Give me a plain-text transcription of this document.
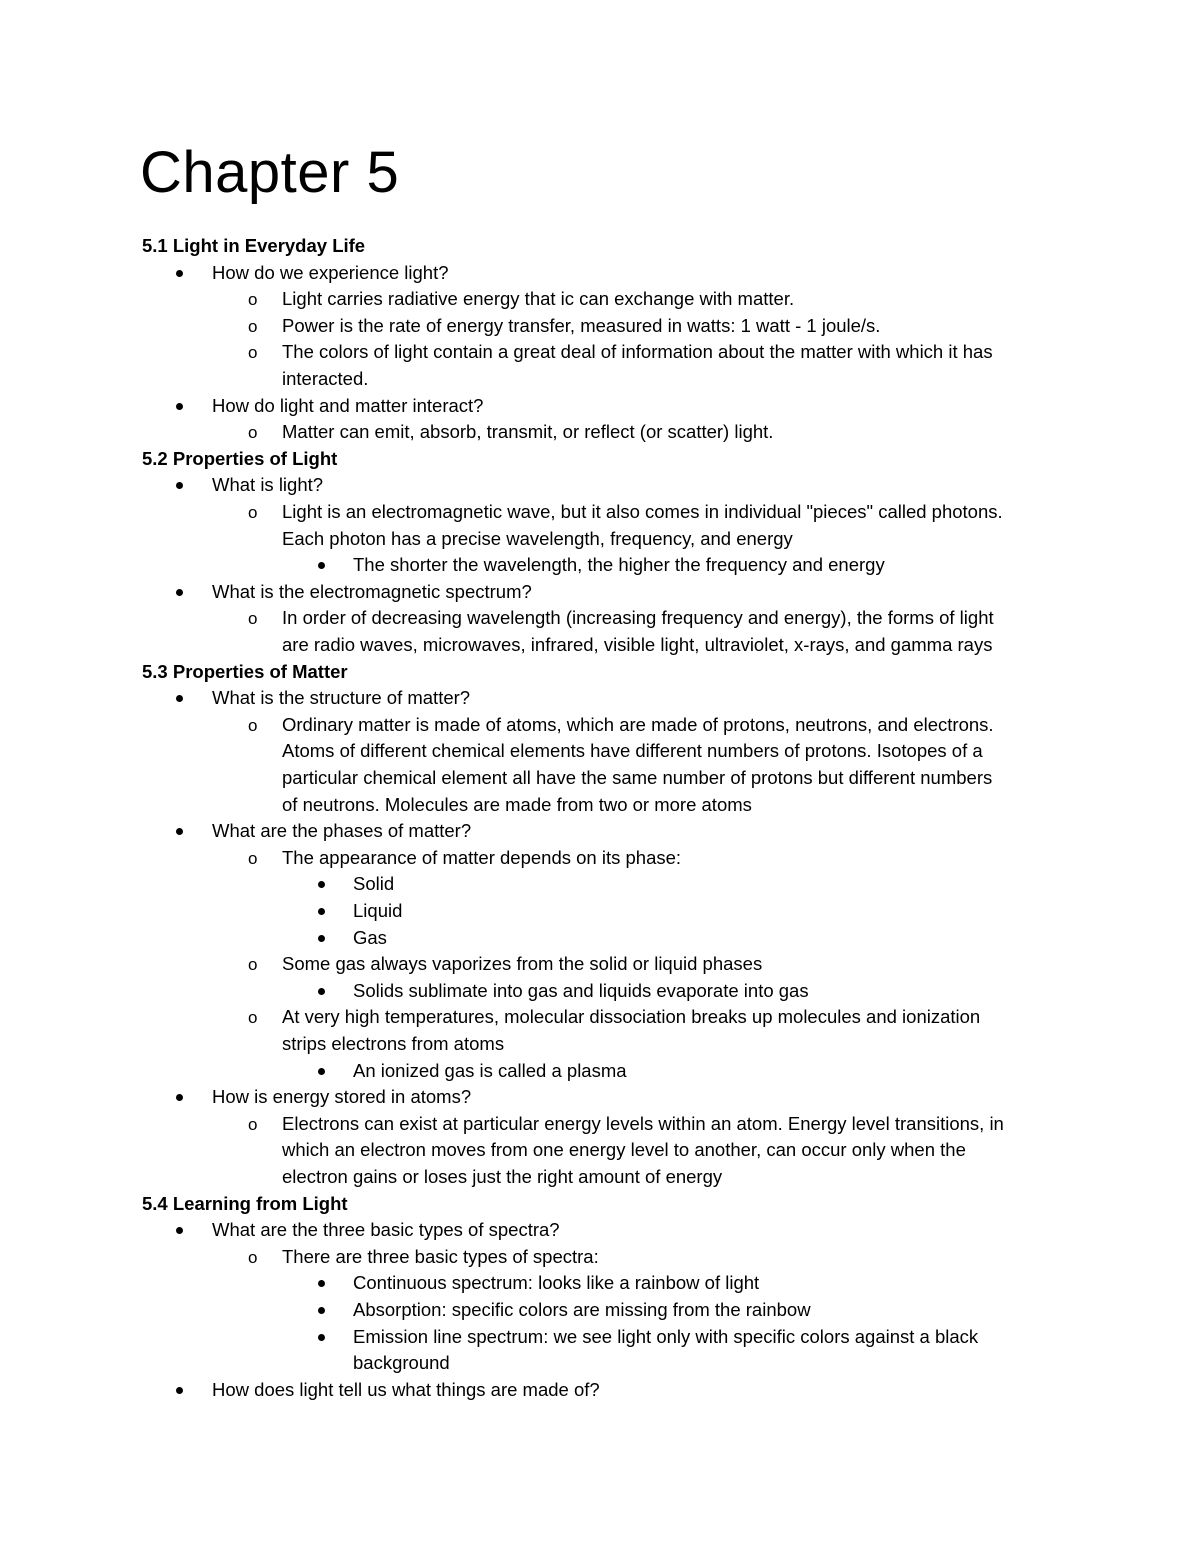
Chapter 5
5.1 Light in Everyday Life
How do we experience light?
Light carries radiative energy that ic can exchange with matter.
o
Power is the rate of energy transfer, measured in watts: 1 watt - 1 joule/s.
o
The colors of light contain a great deal of information about the matter with which it has
o
interacted.
How do light and matter interact?
Matter can emit, absorb, transmit, or reflect (or scatter) light.
o
5.2 Properties of Light
What is light?
Light is an electromagnetic wave, but it also comes in individual "pieces" called photons.
o
Each photon has a precise wavelength, frequency, and energy
The shorter the wavelength, the higher the frequency and energy
What is the electromagnetic spectrum?
In order of decreasing wavelength (increasing frequency and energy), the forms of light
o
are radio waves, microwaves, infrared, visible light, ultraviolet, x-rays, and gamma rays
5.3 Properties of Matter
What is the structure of matter?
Ordinary matter is made of atoms, which are made of protons, neutrons, and electrons.
o
Atoms of different chemical elements have different numbers of protons. Isotopes of a
particular chemical element all have the same number of protons but different numbers
of neutrons. Molecules are made from two or more atoms
What are the phases of matter?
The appearance of matter depends on its phase:
o
Solid
Liquid
Gas
Some gas always vaporizes from the solid or liquid phases
o
Solids sublimate into gas and liquids evaporate into gas
At very high temperatures, molecular dissociation breaks up molecules and ionization
o
strips electrons from atoms
An ionized gas is called a plasma
How is energy stored in atoms?
Electrons can exist at particular energy levels within an atom. Energy level transitions, in
o
which an electron moves from one energy level to another, can occur only when the
electron gains or loses just the right amount of energy
5.4 Learning from Light
What are the three basic types of spectra?
There are three basic types of spectra:
o
Continuous spectrum: looks like a rainbow of light
Absorption: specific colors are missing from the rainbow
Emission line spectrum: we see light only with specific colors against a black
background
How does light tell us what things are made of?
